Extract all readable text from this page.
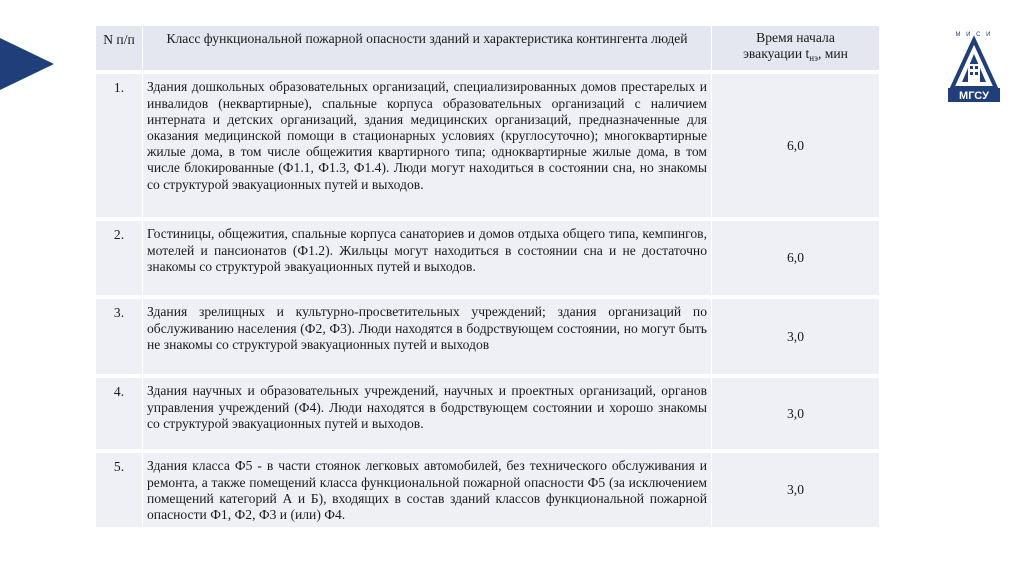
М И С И
МГСУ
N п/п	Класс функциональной пожарной опасности зданий и характеристика контингента людей	Время начала
эвакуации $t_{нэ}$, мин
1.	Здания дошкольных образовательных организаций, специализированных домов престарелых и инвалидов (неквартирные), спальные корпуса образовательных организаций с наличием интерната и детских организаций, здания медицинских организаций, предназначенные для оказания медицинской помощи в стационарных условиях (круглосуточно); многоквартирные жилые дома, в том числе общежития квартирного типа; одноквартирные жилые дома, в том числе блокированные (Ф1.1, Ф1.3, Ф1.4). Люди могут находиться в состоянии сна, но знакомы со структурой эвакуационных путей и выходов.	6,0
2.	Гостиницы, общежития, спальные корпуса санаториев и домов отдыха общего типа, кемпингов, мотелей и пансионатов (Ф1.2). Жильцы могут находиться в состоянии сна и не достаточно знакомы со структурой эвакуационных путей и выходов.	6,0
3.	Здания зрелищных и культурно-просветительных учреждений; здания организаций по обслуживанию населения (Ф2, Ф3). Люди находятся в бодрствующем состоянии, но могут быть не знакомы со структурой эвакуационных путей и выходов	3,0
4.	Здания научных и образовательных учреждений, научных и проектных организаций, органов управления учреждений (Ф4). Люди находятся в бодрствующем состоянии и хорошо знакомы со структурой эвакуационных путей и выходов.	3,0
5.	Здания класса Ф5 - в части стоянок легковых автомобилей, без технического обслуживания и ремонта, а также помещений класса функциональной пожарной опасности Ф5 (за исключением помещений категорий А и Б), входящих в состав зданий классов функциональной пожарной опасности Ф1, Ф2, Ф3 и (или) Ф4.	3,0
